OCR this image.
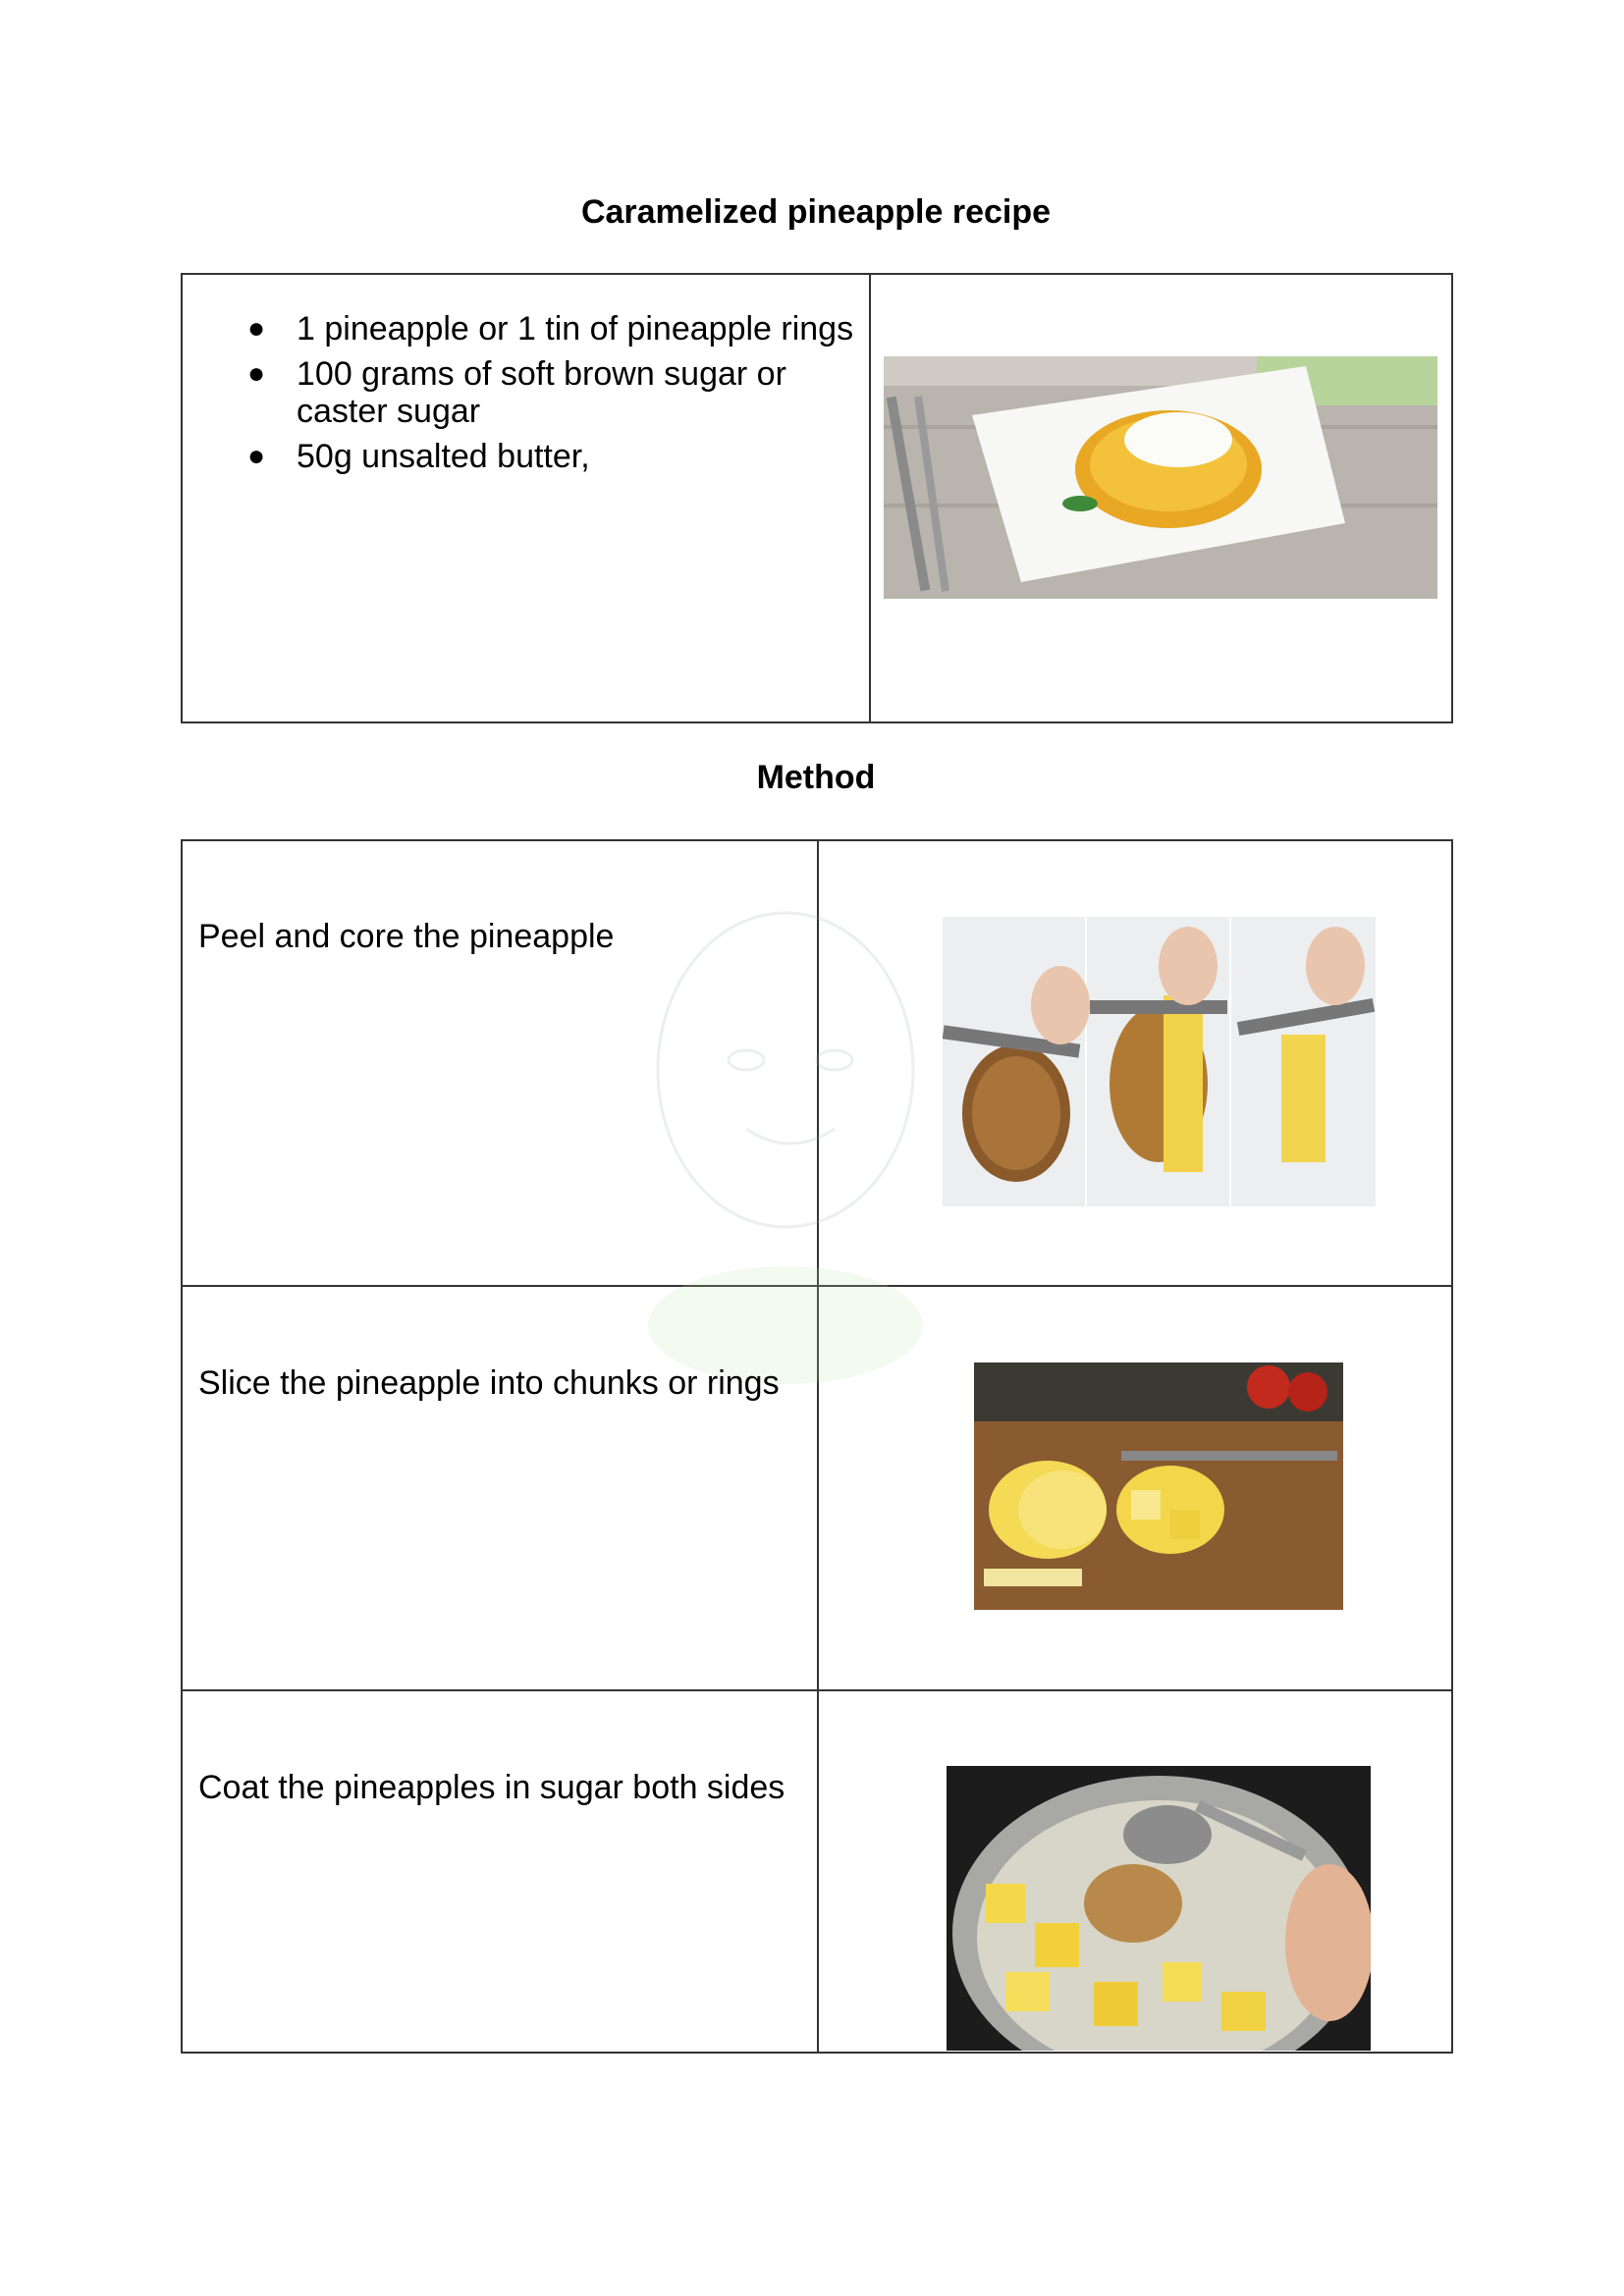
Caramelized pineapple recipe
● 1 pineapple or 1 tin of pineapple rings
● 100 grams of soft brown sugar or caster sugar
● 50g unsalted butter,
Method
Peel and core the pineapple
Slice the pineapple into chunks or rings
Coat the pineapples in sugar both sides
